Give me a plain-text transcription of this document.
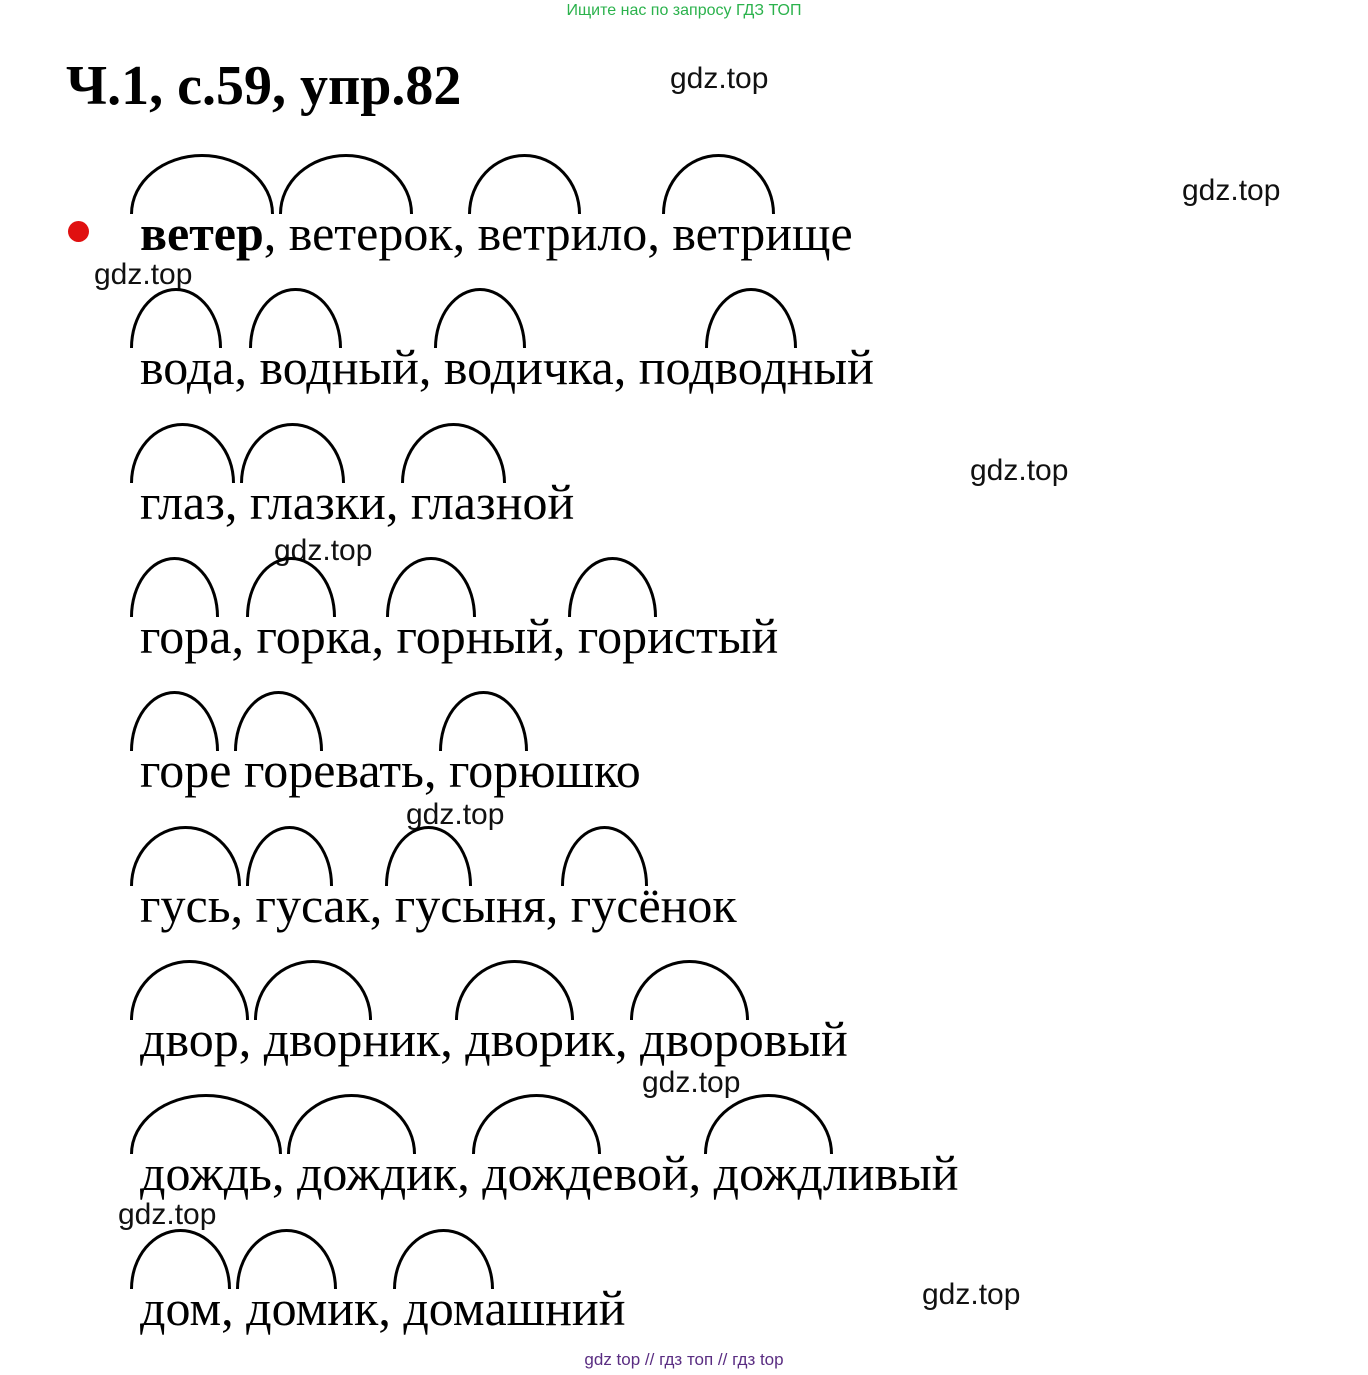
Ищите нас по запросу ГДЗ ТОП
Ч.1, с.59, упр.82	gdz.top
gdz.top
gdz.top
gdz.top
gdz.top
gdz.top
gdz.top
gdz.top
gdz.top
ветер
, ветер
ок, ветр
ило, ветр
ище
вод
а, вод
ный, вод
ичка, подвод
ный
глаз
, глаз
ки, глаз
ной
гор
а, гор
ка, гор
ный, гор
истый
гор
е гор
евать, гор
юшко
гусь
, гус
ак, гус
ыня, гус
ёнок
двор
, двор
ник, двор
ик, двор
овый
дождь
, дожд
ик, дожд
евой, дожд
ливый
дом
, дом
ик, дом
ашний
gdz top // гдз топ // гдз top
